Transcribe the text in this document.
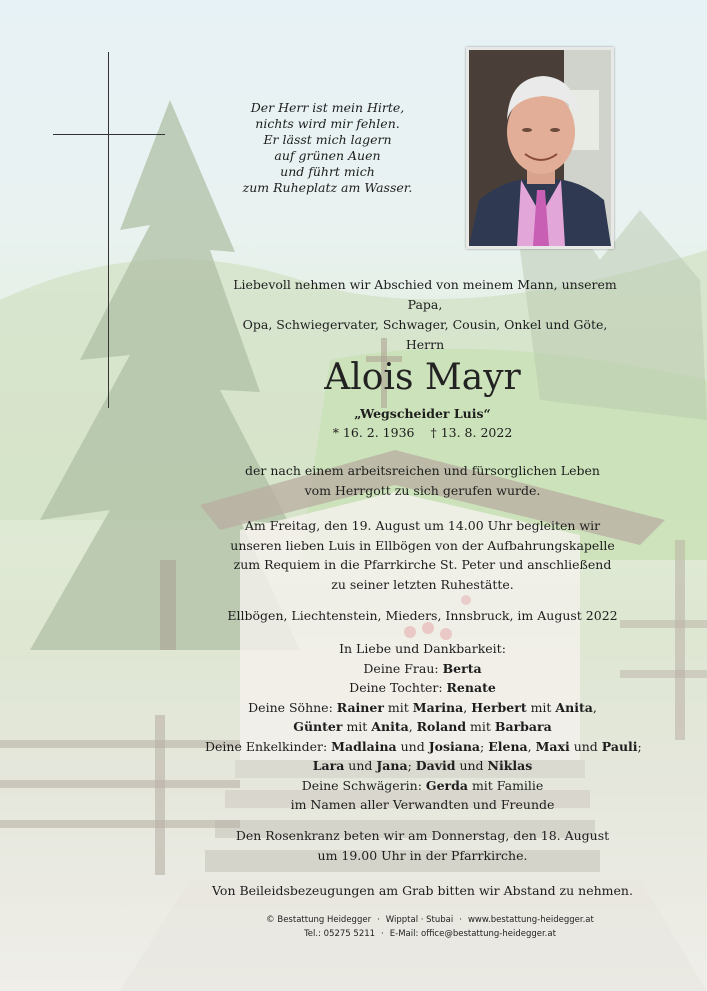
Der Herr ist mein Hirte,
nichts wird mir fehlen.
Er lässt mich lagern
auf grünen Auen
und führt mich
zum Ruheplatz am Wasser.
Liebevoll nehmen wir Abschied von meinem Mann, unserem Papa,
Opa, Schwiegervater, Schwager, Cousin, Onkel und Göte,
Herrn
Alois Mayr
„Wegscheider Luis“
* 16. 2. 1936 † 13. 8. 2022
der nach einem arbeitsreichen und fürsorglichen Leben
vom Herrgott zu sich gerufen wurde.
Am Freitag, den 19. August um 14.00 Uhr begleiten wir
unseren lieben Luis in Ellbögen von der Aufbahrungskapelle
zum Requiem in die Pfarrkirche St. Peter und anschließend
zu seiner letzten Ruhestätte.
Ellbögen, Liechtenstein, Mieders, Innsbruck, im August 2022
In Liebe und Dankbarkeit:
Deine Frau: Berta
Deine Tochter: Renate
Deine Söhne: Rainer mit Marina, Herbert mit Anita,
Günter mit Anita, Roland mit Barbara
Deine Enkelkinder: Madlaina und Josiana; Elena, Maxi und Pauli;
Lara und Jana; David und Niklas
Deine Schwägerin: Gerda mit Familie
im Namen aller Verwandten und Freunde
Den Rosenkranz beten wir am Donnerstag, den 18. August
um 19.00 Uhr in der Pfarrkirche.
Von Beileidsbezeugungen am Grab bitten wir Abstand zu nehmen.
© Bestattung Heidegger · Wipptal · Stubai · www.bestattung-heidegger.at
Tel.: 05275 5211 · E-Mail: office@bestattung-heidegger.at
